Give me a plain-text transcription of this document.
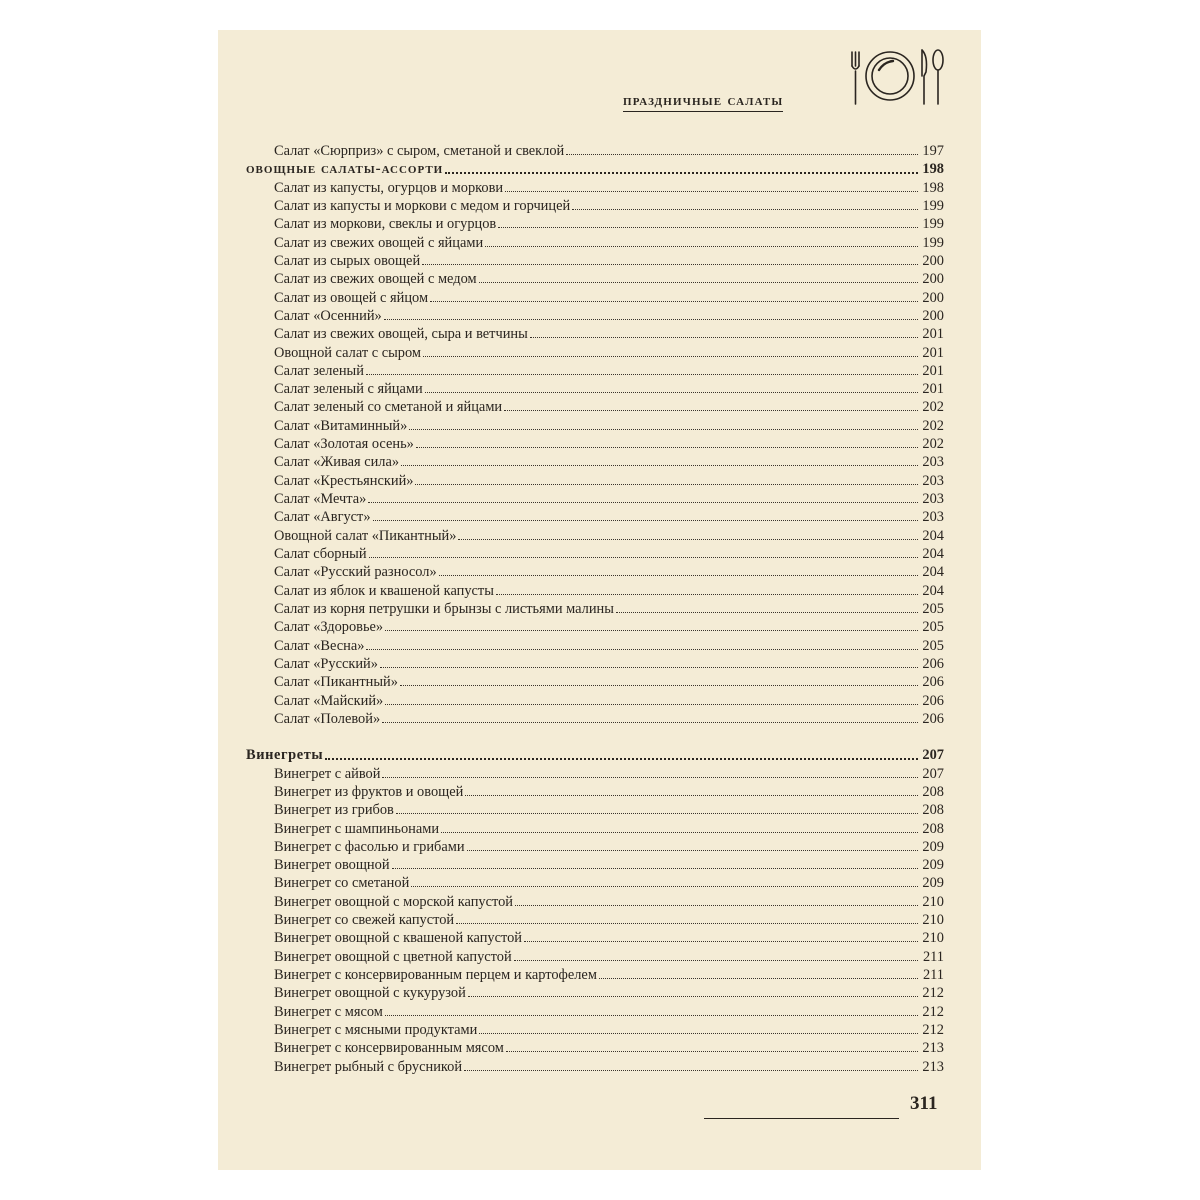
праздничные салаты
Салат «Сюрприз» с сыром, сметаной и свеклой	197
овощные салаты-ассорти	198
Салат из капусты, огурцов и моркови	198
Салат из капусты и моркови с медом и горчицей	199
Салат из моркови, свеклы и огурцов	199
Салат из свежих овощей с яйцами	199
Салат из сырых овощей	200
Салат из свежих овощей с медом	200
Салат из овощей с яйцом	200
Салат «Осенний»	200
Салат из свежих овощей, сыра и ветчины	201
Овощной салат с сыром	201
Салат зеленый	201
Салат зеленый с яйцами	201
Салат зеленый со сметаной и яйцами	202
Салат «Витаминный»	202
Салат «Золотая осень»	202
Салат «Живая сила»	203
Салат «Крестьянский»	203
Салат «Мечта»	203
Салат «Август»	203
Овощной салат «Пикантный»	204
Салат сборный	204
Салат «Русский разносол»	204
Салат из яблок и квашеной капусты	204
Салат из корня петрушки и брынзы с листьями малины	205
Салат «Здоровье»	205
Салат «Весна»	205
Салат «Русский»	206
Салат «Пикантный»	206
Салат «Майский»	206
Салат «Полевой»	206
Винегреты	207
Винегрет с айвой	207
Винегрет из фруктов и овощей	208
Винегрет из грибов	208
Винегрет с шампиньонами	208
Винегрет с фасолью и грибами	209
Винегрет овощной	209
Винегрет со сметаной	209
Винегрет овощной с морской капустой	210
Винегрет со свежей капустой	210
Винегрет овощной с квашеной капустой	210
Винегрет овощной с цветной капустой	211
Винегрет с консервированным перцем и картофелем	211
Винегрет овощной с кукурузой	212
Винегрет с мясом	212
Винегрет с мясными продуктами	212
Винегрет с консервированным мясом	213
Винегрет рыбный с брусникой	213
311
